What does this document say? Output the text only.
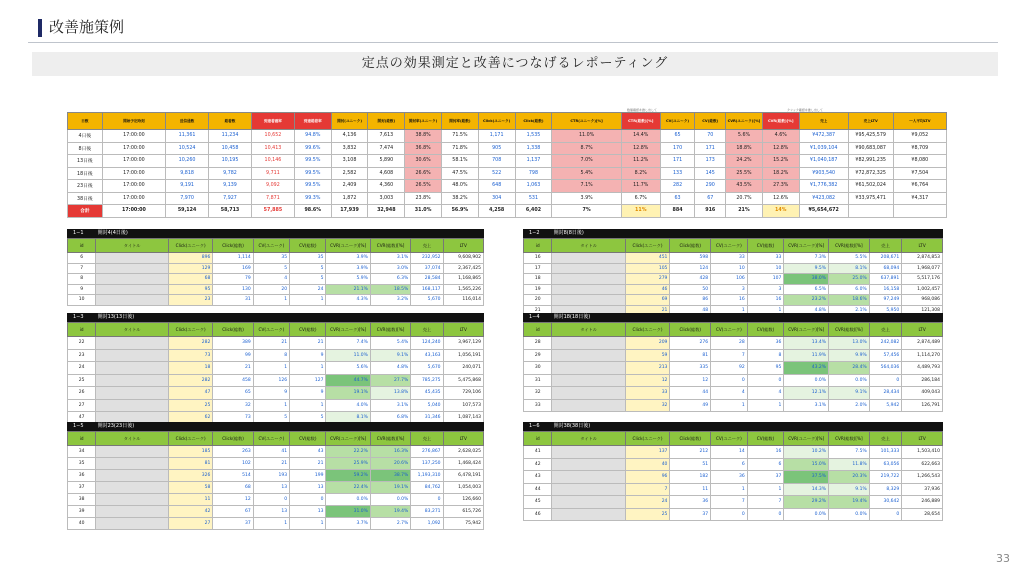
改善施策例
定点の効果測定と改善につなげるレポーティング
数値確認を推し出して	クリック確認を推し出して
日数	開始予定時刻	送信通数	総着数	到達着確率	到達総着率	開封(ユニーク)	開封(総数)	開封率(ユニーク)	開封率(総数)	Click(ユニーク)	Click(総数)	CTR(ユニーク)[%]	CTR(総数)[%]	CV(ユニーク)	CV(総数)	CVR(ユニーク)[%]	CVR(総数)[%]	売上	売上LTV	一人平均LTV
4日後	17:00:00	11,361	11,234	10,652	94.8%	4,136	7,613	38.8%	71.5%	1,171	1,535	11.0%	14.4%	65	70	5.6%	4.6%	¥472,387	¥95,425,579	¥9,052
8日後	17:00:00	10,524	10,458	10,413	99.6%	3,832	7,474	36.8%	71.8%	905	1,338	8.7%	12.8%	170	171	18.8%	12.8%	¥1,039,104	¥90,683,087	¥8,709
13日後	17:00:00	10,260	10,195	10,146	99.5%	3,108	5,890	30.6%	58.1%	708	1,137	7.0%	11.2%	171	173	24.2%	15.2%	¥1,040,187	¥82,991,235	¥8,080
18日後	17:00:00	9,818	9,782	9,711	99.5%	2,582	4,608	26.6%	47.5%	522	798	5.4%	8.2%	133	145	25.5%	18.2%	¥903,540	¥72,872,325	¥7,504
23日後	17:00:00	9,191	9,139	9,092	99.5%	2,409	4,360	26.5%	48.0%	648	1,063	7.1%	11.7%	282	290	43.5%	27.3%	¥1,776,382	¥61,502,024	¥6,764
38日後	17:00:00	7,970	7,927	7,871	99.3%	1,872	3,003	23.8%	38.2%	304	531	3.9%	6.7%	63	67	20.7%	12.6%	¥423,082	¥33,975,471	¥4,317
合計	17:00:00	59,124	58,713	57,885	98.6%	17,939	32,948	31.0%	56.9%	4,258	6,402	7%	11%	884	916	21%	14%	¥5,654,672		
1−1	開封4(4日後)
id	タイトル	Click(ユニーク)	Click(総数)	CV(ユニーク)	CV(総数)	CVR(ユニーク)[%]	CVR(総数)[%]	売上	LTV
6		896	1,114	35	35	3.9%	3.1%	232,952	9,608,902
7		129	169	5	5	3.9%	3.0%	37,074	2,367,425
8		68	79	4	5	5.9%	6.3%	28,584	1,168,865
9		95	130	20	24	21.1%	18.5%	168,117	1,565,226
10		23	31	1	1	4.3%	3.2%	5,670	116,014
1−2	開封8(8日後)
id	タイトル	Click(ユニーク)	Click(総数)	CV(ユニーク)	CV(総数)	CVR(ユニーク)[%]	CVR(総数)[%]	売上	LTV
16		451	598	33	33	7.3%	5.5%	208,671	2,874,853
17		105	124	10	10	9.5%	8.1%	68,094	1,968,077
18		279	428	106	107	38.0%	25.0%	637,891	5,517,176
19		46	50	3	3	6.5%	6.0%	16,158	1,002,457
20		69	86	16	16	23.2%	18.6%	97,249	968,086
21		21	48	1	1	4.8%	2.1%	5,950	121,308
1−3	開封13(13日後)
id	タイトル	Click(ユニーク)	Click(総数)	CV(ユニーク)	CV(総数)	CVR(ユニーク)[%]	CVR(総数)[%]	売上	LTV
22		282	389	21	21	7.4%	5.4%	124,240	3,967,129
23		73	99	8	9	11.0%	9.1%	43,163	1,056,191
24		18	21	1	1	5.6%	4.8%	5,670	240,071
25		282	458	126	127	44.7%	27.7%	785,275	5,475,868
26		47	65	9	9	19.1%	13.8%	45,435	729,106
27		25	32	1	1	4.0%	3.1%	5,040	107,573
47		62	73	5	5	8.1%	6.8%	31,346	1,087,143
1−4	開封18(18日後)
id	タイトル	Click(ユニーク)	Click(総数)	CV(ユニーク)	CV(総数)	CVR(ユニーク)[%]	CVR(総数)[%]	売上	LTV
28		209	276	28	36	13.4%	13.0%	242,082	2,874,489
29		59	81	7	8	11.9%	9.9%	57,456	1,114,270
30		213	335	92	95	43.2%	28.4%	564,036	4,489,793
31		12	12	0	0	0.0%	0.0%	0	286,184
32		33	44	4	4	12.1%	9.1%	28,434	409,043
33		32	49	1	1	3.1%	2.0%	5,942	126,791
1−5	開封23(23日後)
id	タイトル	Click(ユニーク)	Click(総数)	CV(ユニーク)	CV(総数)	CVR(ユニーク)[%]	CVR(総数)[%]	売上	LTV
34		185	263	41	43	22.2%	16.3%	276,867	2,628,025
35		81	102	21	21	25.9%	20.6%	137,250	1,468,424
36		326	514	193	199	59.2%	38.7%	1,193,310	6,478,191
37		58	68	13	13	22.4%	19.1%	84,762	1,054,003
38		11	12	0	0	0.0%	0.0%	0	126,660
39		42	67	13	13	31.0%	19.4%	83,271	615,726
40		27	37	1	1	3.7%	2.7%	1,092	75,942
1−6	開封38(38日後)
id	タイトル	Click(ユニーク)	Click(総数)	CV(ユニーク)	CV(総数)	CVR(ユニーク)[%]	CVR(総数)[%]	売上	LTV
41		137	212	14	16	10.2%	7.5%	101,333	1,503,410
42		40	51	6	6	15.0%	11.8%	63,056	622,663
43		96	182	36	37	37.5%	20.3%	219,722	1,266,543
44		7	11	1	1	14.3%	9.1%	8,329	37,936
45		24	36	7	7	29.2%	19.4%	30,642	246,889
46		25	37	0	0	0.0%	0.0%	0	28,654
33
